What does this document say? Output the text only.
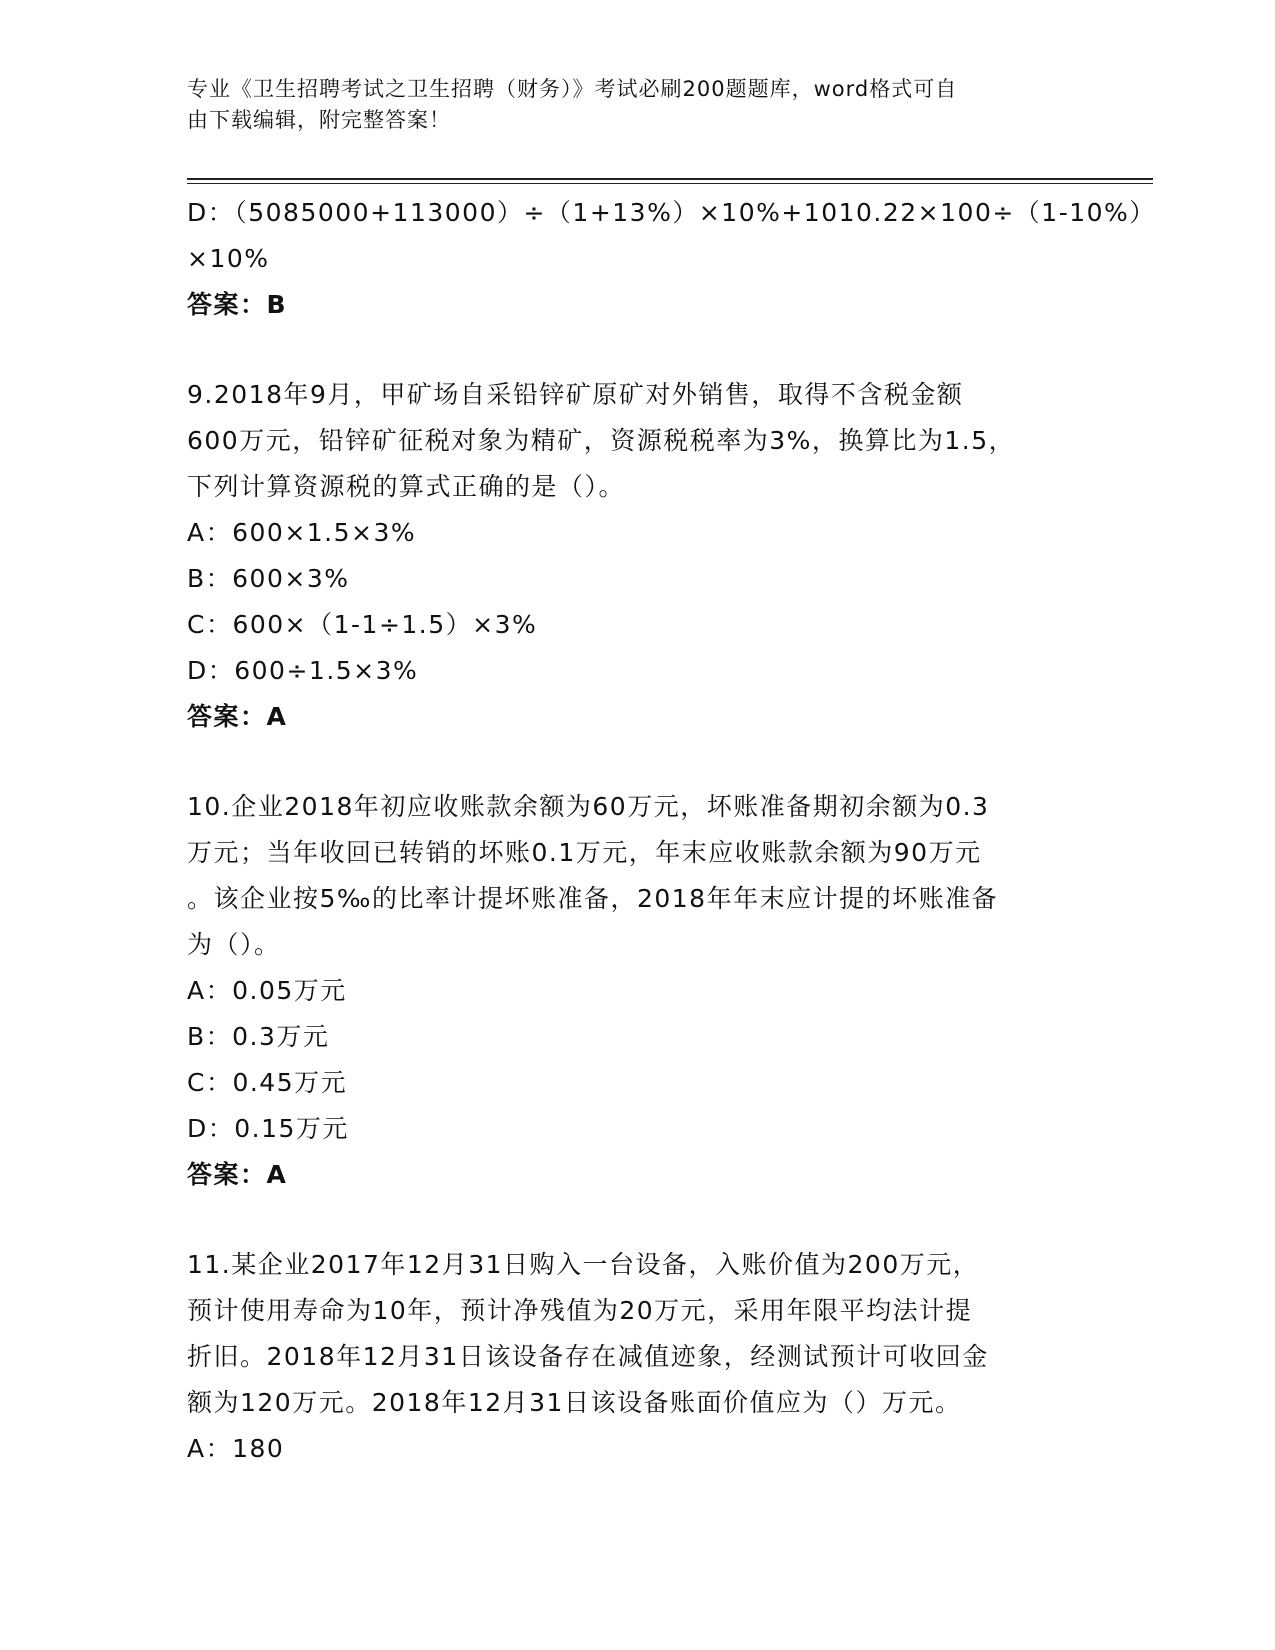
专业《卫生招聘考试之卫生招聘（财务）》考试必刷200题题库，word格式可自
由下载编辑，附完整答案！
D：（5085000+113000）÷（1+13%）×10%+1010.22×100÷（1-10%）
×10%
答案：B
9.2018年9月，甲矿场自采铅锌矿原矿对外销售，取得不含税金额
600万元，铅锌矿征税对象为精矿，资源税税率为3%，换算比为1.5，
下列计算资源税的算式正确的是（）。
A：600×1.5×3%
B：600×3%
C：600×（1-1÷1.5）×3%
D：600÷1.5×3%
答案：A
10.企业2018年初应收账款余额为60万元，坏账准备期初余额为0.3
万元；当年收回已转销的坏账0.1万元，年末应收账款余额为90万元
。该企业按5‰的比率计提坏账准备，2018年年末应计提的坏账准备
为（）。
A：0.05万元
B：0.3万元
C：0.45万元
D：0.15万元
答案：A
11.某企业2017年12月31日购入一台设备，入账价值为200万元，
预计使用寿命为10年，预计净残值为20万元，采用年限平均法计提
折旧。2018年12月31日该设备存在减值迹象，经测试预计可收回金
额为120万元。2018年12月31日该设备账面价值应为（）万元。
A：180
